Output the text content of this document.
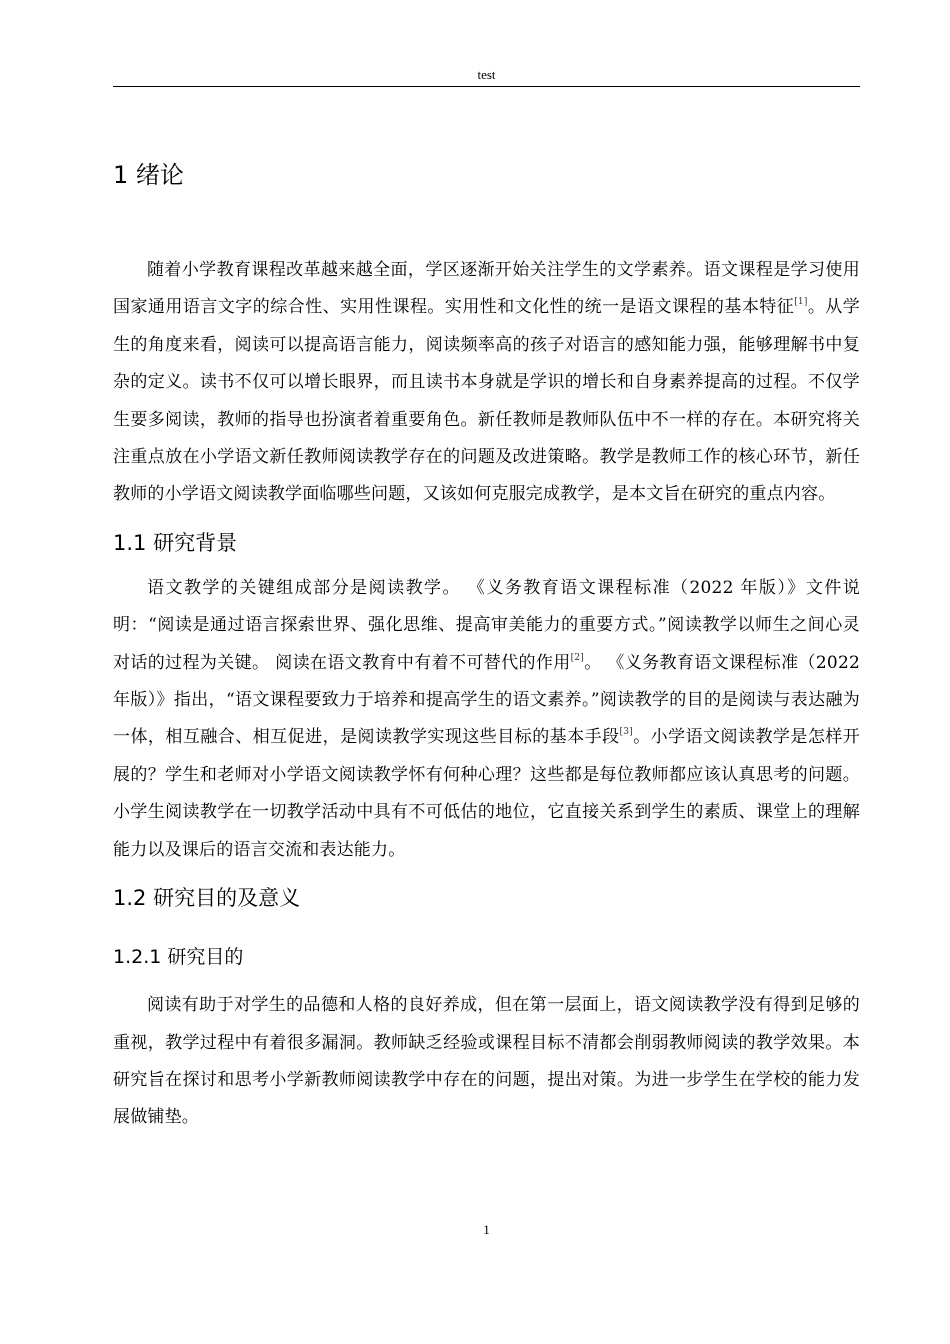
test
1 绪论

随着小学教育课程改革越来越全面，学区逐渐开始关注学生的文学素养。语文课程是学习使用国家通用语言文字的综合性、实用性课程。实用性和文化性的统一是语文课程的基本特征[1]。从学生的角度来看，阅读可以提高语言能力，阅读频率高的孩子对语言的感知能力强，能够理解书中复杂的定义。读书不仅可以增长眼界，而且读书本身就是学识的增长和自身素养提高的过程。不仅学生要多阅读，教师的指导也扮演者着重要角色。新任教师是教师队伍中不一样的存在。本研究将关注重点放在小学语文新任教师阅读教学存在的问题及改进策略。教学是教师工作的核心环节，新任教师的小学语文阅读教学面临哪些问题，又该如何克服完成教学，是本文旨在研究的重点内容。

1.1 研究背景

语文教学的关键组成部分是阅读教学。 《义务教育语文课程标准（2022 年版）》文件说明：“阅读是通过语言探索世界、强化思维、提高审美能力的重要方式。”阅读教学以师生之间心灵对话的过程为关键。 阅读在语文教育中有着不可替代的作用[2]。 《义务教育语文课程标准（2022 年版）》指出，“语文课程要致力于培养和提高学生的语文素养。”阅读教学的目的是阅读与表达融为一体，相互融合、相互促进，是阅读教学实现这些目标的基本手段[3]。小学语文阅读教学是怎样开展的？学生和老师对小学语文阅读教学怀有何种心理？这些都是每位教师都应该认真思考的问题。小学生阅读教学在一切教学活动中具有不可低估的地位，它直接关系到学生的素质、课堂上的理解能力以及课后的语言交流和表达能力。

1.2 研究目的及意义
1.2.1 研究目的

阅读有助于对学生的品德和人格的良好养成，但在第一层面上，语文阅读教学没有得到足够的重视，教学过程中有着很多漏洞。教师缺乏经验或课程目标不清都会削弱教师阅读的教学效果。本研究旨在探讨和思考小学新教师阅读教学中存在的问题，提出对策。为进一步学生在学校的能力发展做铺垫。

1
